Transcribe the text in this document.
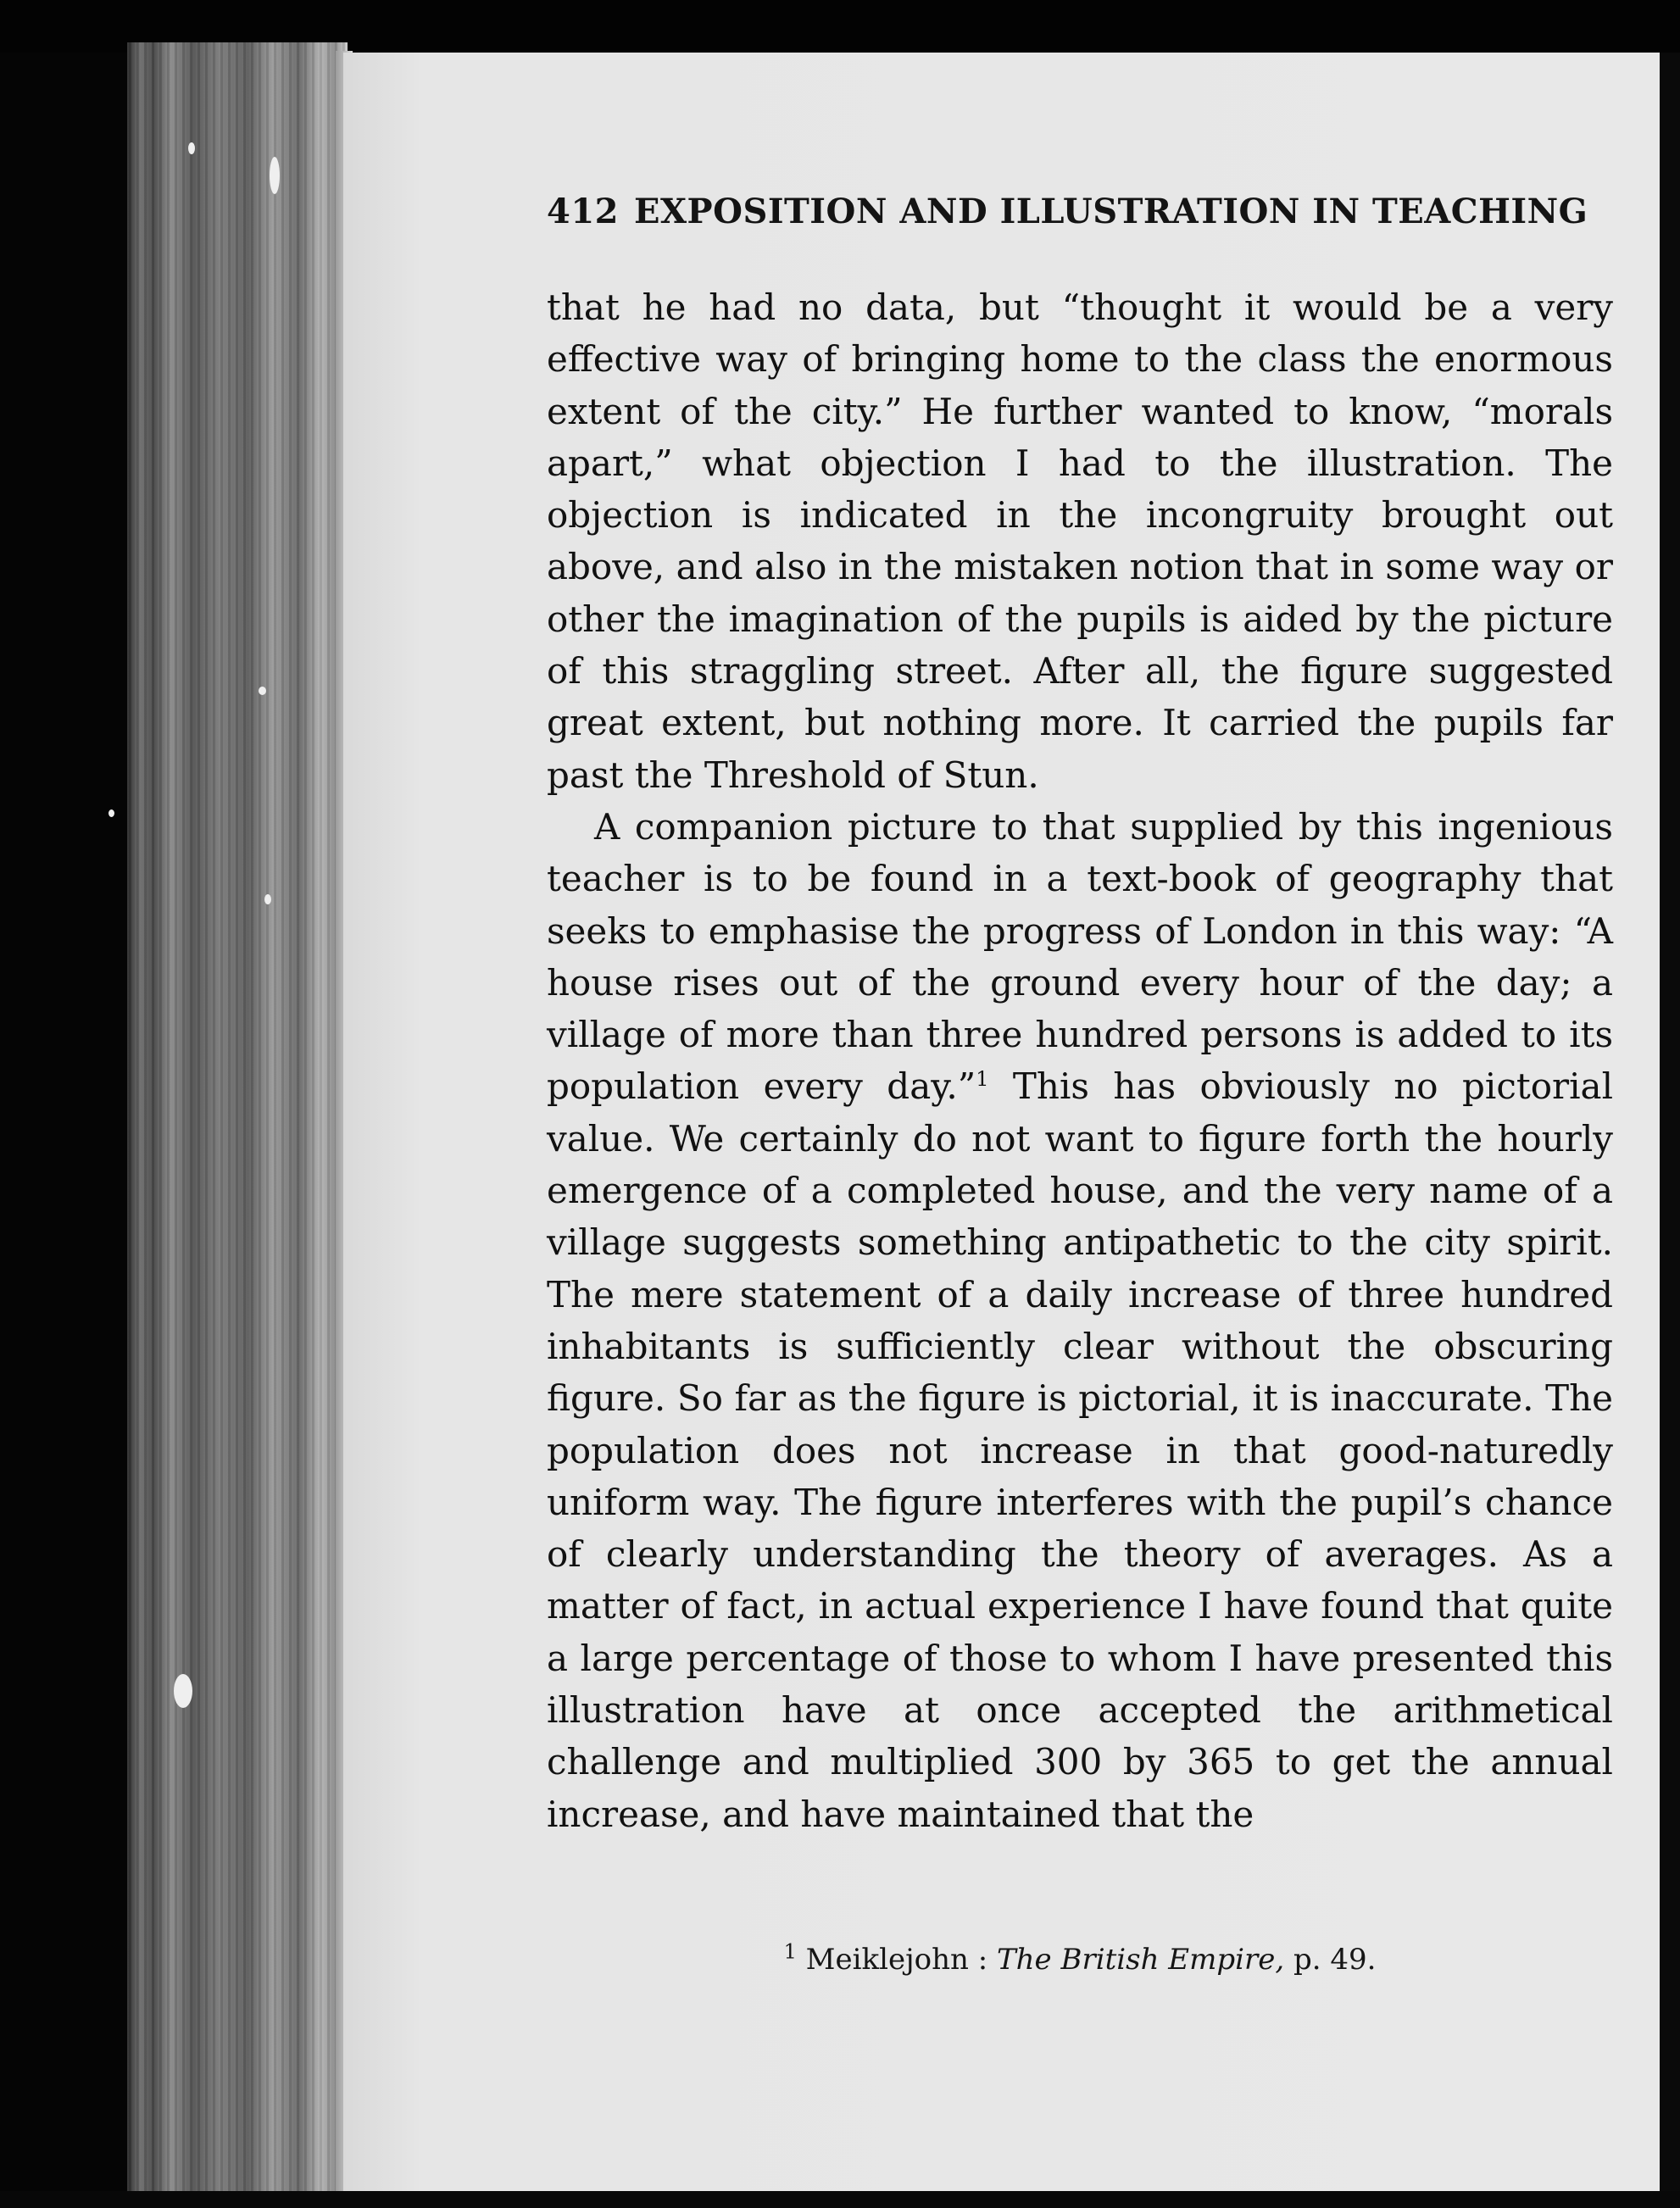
412 EXPOSITION AND ILLUSTRATION IN TEACHING

that he had no data, but “thought it would be a very effective way of bringing home to the class the enormous extent of the city.” He further wanted to know, “morals apart,” what objection I had to the illustration. The objection is indicated in the incongruity brought out above, and also in the mistaken notion that in some way or other the imagination of the pupils is aided by the picture of this straggling street. After all, the figure suggested great extent, but nothing more. It carried the pupils far past the Threshold of Stun.

A companion picture to that supplied by this ingenious teacher is to be found in a text-book of geography that seeks to emphasise the progress of London in this way: “A house rises out of the ground every hour of the day; a village of more than three hundred persons is added to its population every day.”$^1$ This has obviously no pictorial value. We certainly do not want to figure forth the hourly emergence of a completed house, and the very name of a village suggests something antipathetic to the city spirit. The mere statement of a daily increase of three hundred inhabitants is sufficiently clear without the obscuring figure. So far as the figure is pictorial, it is inaccurate. The population does not increase in that good-naturedly uniform way. The figure interferes with the pupil’s chance of clearly understanding the theory of averages. As a matter of fact, in actual experience I have found that quite a large percentage of those to whom I have presented this illustration have at once accepted the arithmetical challenge and multiplied 300 by 365 to get the annual increase, and have maintained that the

$^1$ Meiklejohn : The British Empire, p. 49.
